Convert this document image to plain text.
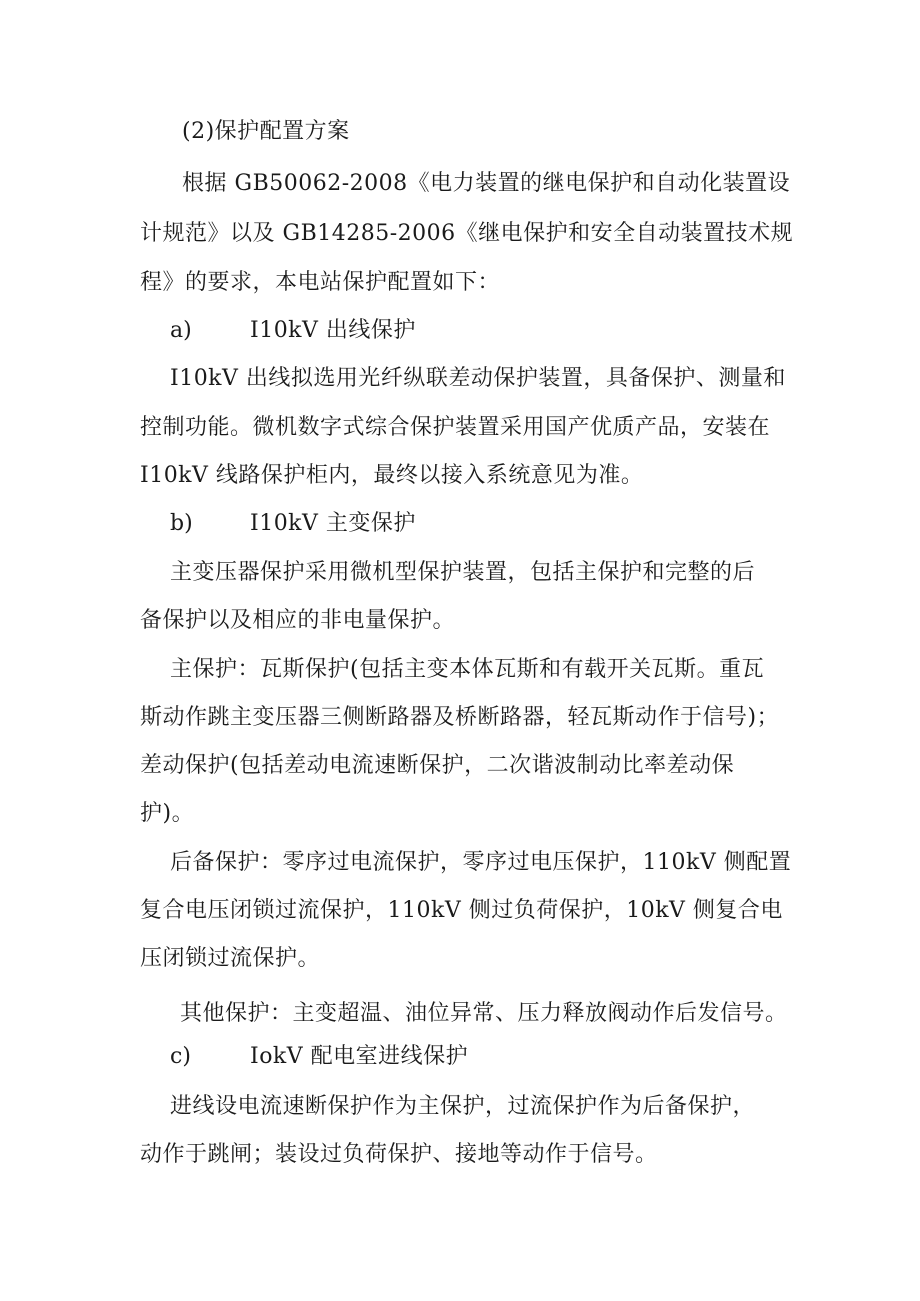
(2)保护配置方案
根据 GB50062-2008《电力装置的继电保护和自动化装置设
计规范》以及 GB14285-2006《继电保护和安全自动装置技术规
程》的要求，本电站保护配置如下：
a)	I10kV 出线保护
I10kV 出线拟选用光纤纵联差动保护装置，具备保护、测量和
控制功能。微机数字式综合保护装置采用国产优质产品，安装在
I10kV 线路保护柜内，最终以接入系统意见为准。
b)	I10kV 主变保护
主变压器保护采用微机型保护装置，包括主保护和完整的后
备保护以及相应的非电量保护。
主保护：瓦斯保护(包括主变本体瓦斯和有载开关瓦斯。重瓦
斯动作跳主变压器三侧断路器及桥断路器，轻瓦斯动作于信号)；
差动保护(包括差动电流速断保护，二次谐波制动比率差动保
护)。
后备保护：零序过电流保护，零序过电压保护，110kV 侧配置
复合电压闭锁过流保护，110kV 侧过负荷保护，10kV 侧复合电
压闭锁过流保护。
其他保护：主变超温、油位异常、压力释放阀动作后发信号。
c)	IokV 配电室进线保护
进线设电流速断保护作为主保护，过流保护作为后备保护，
动作于跳闸；装设过负荷保护、接地等动作于信号。
